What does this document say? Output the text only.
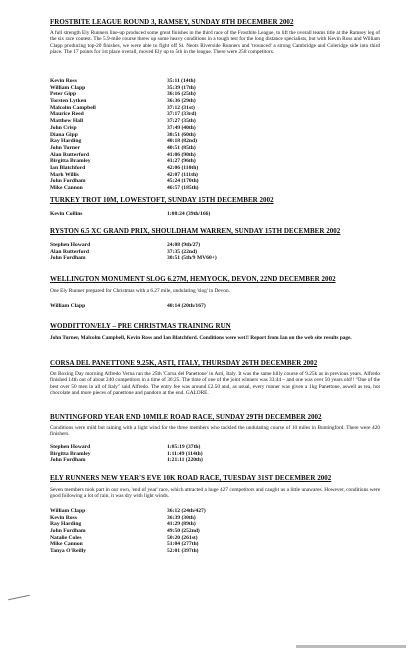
FROSTBITE LEAGUE ROUND 3, RAMSEY, SUNDAY 8TH DECEMBER 2002
A full strength Ely Runners line-up produced some great finishes in the third race of the Frostbite League, to lift the overall teams title at the Ramsey leg of the six race contest. The 5.9-mile course threw up some heavy conditions in a tough test for the long distance specialists, but with Kevin Ross and William Clapp producing top-20 finishes, we were able to fight off St. Neots Riverside Runners and 'trounced' a strong Cambridge and Coleridge side into third place. The 17 points for 1st place overall, moved Ely up to 5th in the league. There were 258 competitors.
Kevin Ross	35:11 (14th)
William Clapp	35:39 (17th)
Peter Gipp	36:16 (25th)
Torsten Lytken	36:36 (29th)
Malcolm Campbell	37:12 (31st)
Maurice Reed	37:17 (33rd)
Matthew Hall	37:27 (35th)
John Crisp	37:49 (40th)
Diana Gipp	38:51 (60th)
Ray Harding	40:18 (82nd)
John Turner	40:51 (85th)
Alan Rutterford	41:06 (90th)
Birgitta Bramley	41:27 (96th)
Ian Blatchford	42:06 (110th)
Mark Willis	42:07 (111th)
John Fordham	45:24 (170th)
Mike Cannon	46:57 (185th)
TURKEY TROT 10M, LOWESTOFT, SUNDAY 15TH DECEMBER 2002
Kevin Collins	1:08:24 (39th/166)
RYSTON 6.5 XC GRAND PRIX, SHOULDHAM WARREN, SUNDAY 15TH DECEMBER 2002
Stephen Howard	24:08 (9th/27)
Alan Rutterford	37:35 (22nd)
John Fordham	30:51 (5th/9 MV60+)
WELLINGTON MONUMENT SLOG 6.27M, HEMYOCK, DEVON, 22ND DECEMBER 2002
One Ely Runner prepared for Christmas with a 6.27 mile, undulating 'slog' in Devon.
William Clapp	40:14 (20th/167)
WODDITTON/ELY – PRE CHRISTMAS TRAINING RUN
John Turner, Malcolm Campbell, Kevin Ross and Ian Blatchford. Conditions were wet!! Report from Ian on the web site results page.
CORSA DEL PANETTONE 9.25K, ASTI, ITALY, THURSDAY 26TH DECEMBER 2002
On Boxing Day morning Alfredo Verna ran the 25th 'Corsa del Panettone' in Asti, Italy. It was the same hilly course of 9.25k as in previous years. Alfredo finished 14th out of about 240 competitors in a time of 36:25. The time of one of the joint winners was 33:44 – and one was over 50 years old!! "One of the best over 50 men in all of Italy" said Alfredo. The entry fee was around £2.50 and, as usual, every runner was given a 1kg Panettone, aswell as tea, hot chocolate and more pieces of panettone and pandoro at the end. GALORE.
BUNTINGFORD YEAR END 10MILE ROAD RACE, SUNDAY 29TH DECEMBER 2002
Conditions were mild but raining with a light wind for the three members who tackled the undulating course of 10 miles in Buntingford. There were 420 finishers.
Stephen Howard	1:05:19 (37th)
Birgitta Bramley	1:11:49 (114th)
John Fordham	1:21:11 (220th)
ELY RUNNERS NEW YEAR'S EVE 10K ROAD RACE, TUESDAY 31ST DECEMBER 2002
Seven members took part in our own, 'end of year' race, which attracted a huge 427 competitors and caught us a little unawares. However, conditions were good following a lot of rain, it was dry with light winds.
William Clapp	36:12 (24th/427)
Kevin Ross	36:39 (30th)
Ray Harding	41:29 (89th)
John Fordham	49:50 (252nd)
Natalie Coles	50:20 (261st)
Mike Cannon	51:04 (277th)
Tanya O'Reilly	52:01 (397th)
